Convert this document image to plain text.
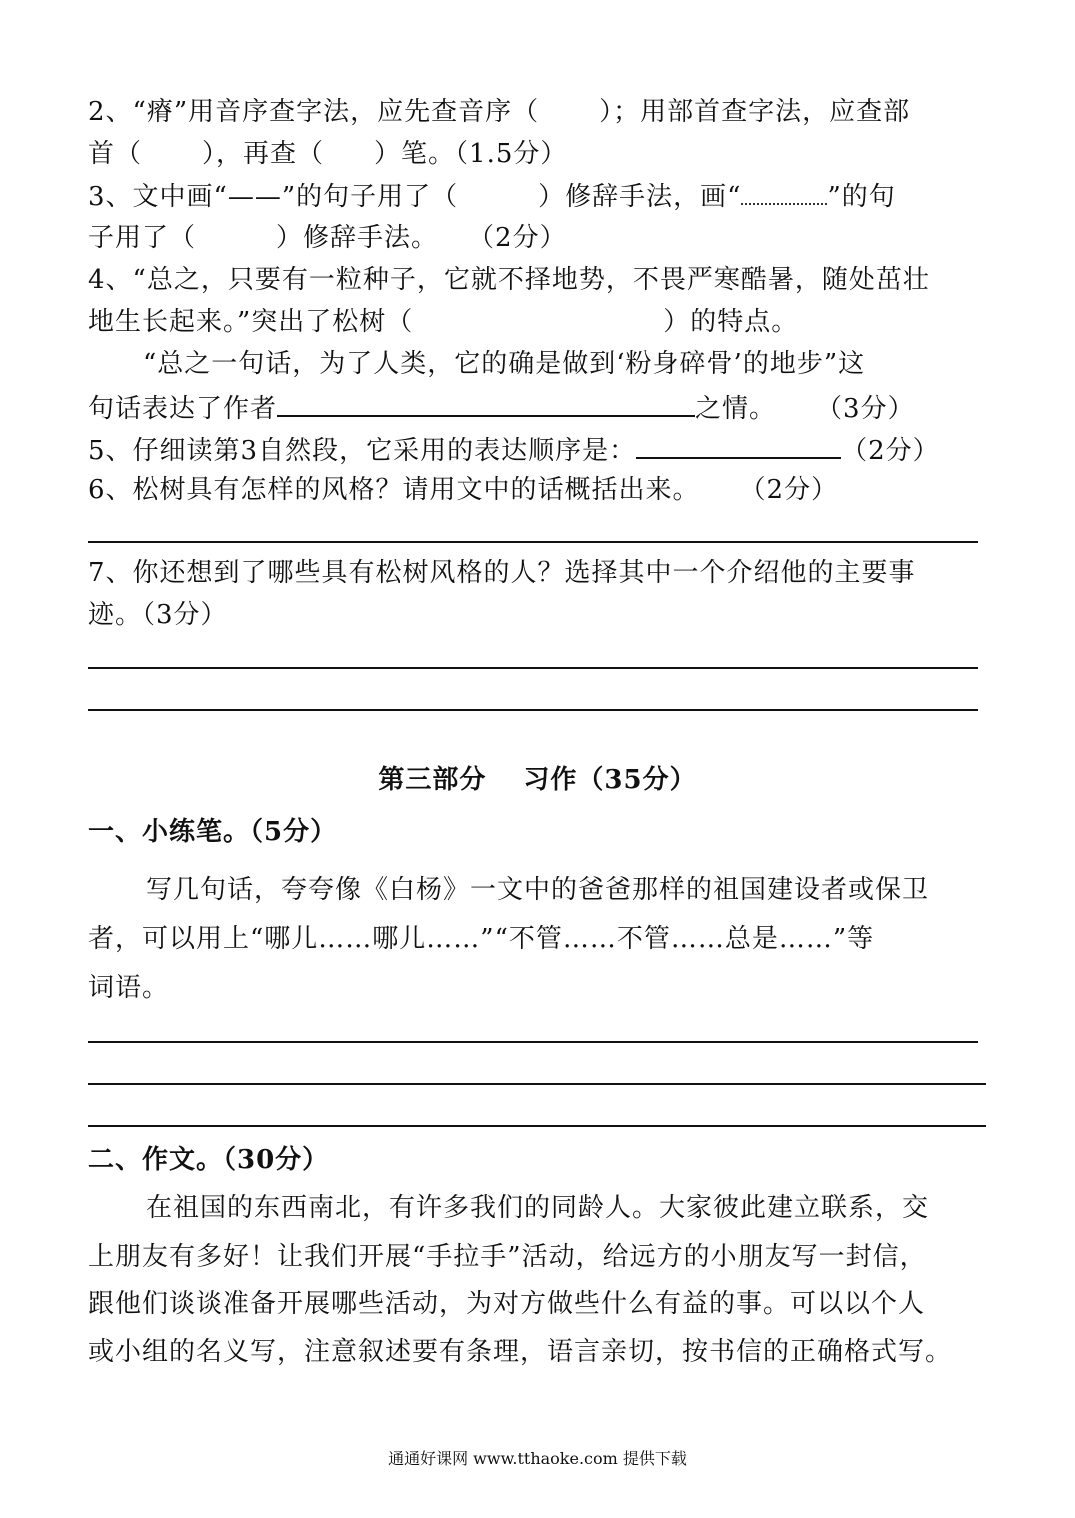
2、“瘠”用音序查字法，应先查音序（ ）；用部首查字法，应查部
首（ ），再查（ ）笔。（1.5分）
3、文中画“——”的句子用了（	）修辞手法，画“	”的句
子用了（	）修辞手法。 （2分）
4、“总之，只要有一粒种子，它就不择地势，不畏严寒酷暑，随处茁壮
地生长起来。”突出了松树（	）的特点。
“总之一句话，为了人类，它的确是做到‘粉身碎骨’的地步”这
句话表达了作者	之情。 （3分）
5、仔细读第3自然段，它采用的表达顺序是：	（2分）
6、松树具有怎样的风格？请用文中的话概括出来。 （2分）
7、你还想到了哪些具有松树风格的人？选择其中一个介绍他的主要事
迹。（3分）
第三部分　 习作（35分）
一、小练笔。（5分）
写几句话，夸夸像《白杨》一文中的爸爸那样的祖国建设者或保卫
者，可以用上“哪儿……哪儿……”“不管……不管……总是……”等
词语。
二、作文。（30分）
在祖国的东西南北，有许多我们的同龄人。大家彼此建立联系，交
上朋友有多好！让我们开展“手拉手”活动，给远方的小朋友写一封信，
跟他们谈谈准备开展哪些活动，为对方做些什么有益的事。可以以个人
或小组的名义写，注意叙述要有条理，语言亲切，按书信的正确格式写。
通通好课网 www.tthaoke.com 提供下载
